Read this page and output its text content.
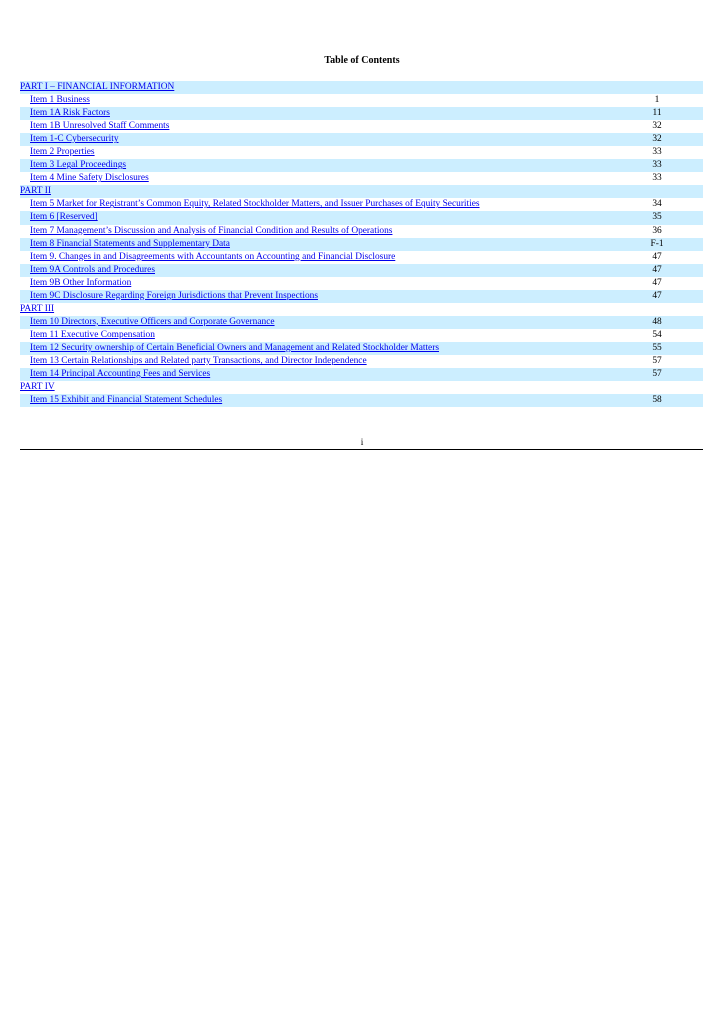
Table of Contents
PART I – FINANCIAL INFORMATION
Item 1 Business	1
Item 1A Risk Factors	11
Item 1B Unresolved Staff Comments	32
Item 1-C Cybersecurity	32
Item 2 Properties	33
Item 3 Legal Proceedings	33
Item 4 Mine Safety Disclosures	33
PART II
Item 5 Market for Registrant’s Common Equity, Related Stockholder Matters, and Issuer Purchases of Equity Securities	34
Item 6 [Reserved]	35
Item 7 Management’s Discussion and Analysis of Financial Condition and Results of Operations	36
Item 8 Financial Statements and Supplementary Data	F-1
Item 9. Changes in and Disagreements with Accountants on Accounting and Financial Disclosure	47
Item 9A Controls and Procedures	47
Item 9B Other Information	47
Item 9C Disclosure Regarding Foreign Jurisdictions that Prevent Inspections	47
PART III
Item 10 Directors, Executive Officers and Corporate Governance	48
Item 11 Executive Compensation	54
Item 12 Security ownership of Certain Beneficial Owners and Management and Related Stockholder Matters	55
Item 13 Certain Relationships and Related party Transactions, and Director Independence	57
Item 14 Principal Accounting Fees and Services	57
PART IV
Item 15 Exhibit and Financial Statement Schedules	58
i
